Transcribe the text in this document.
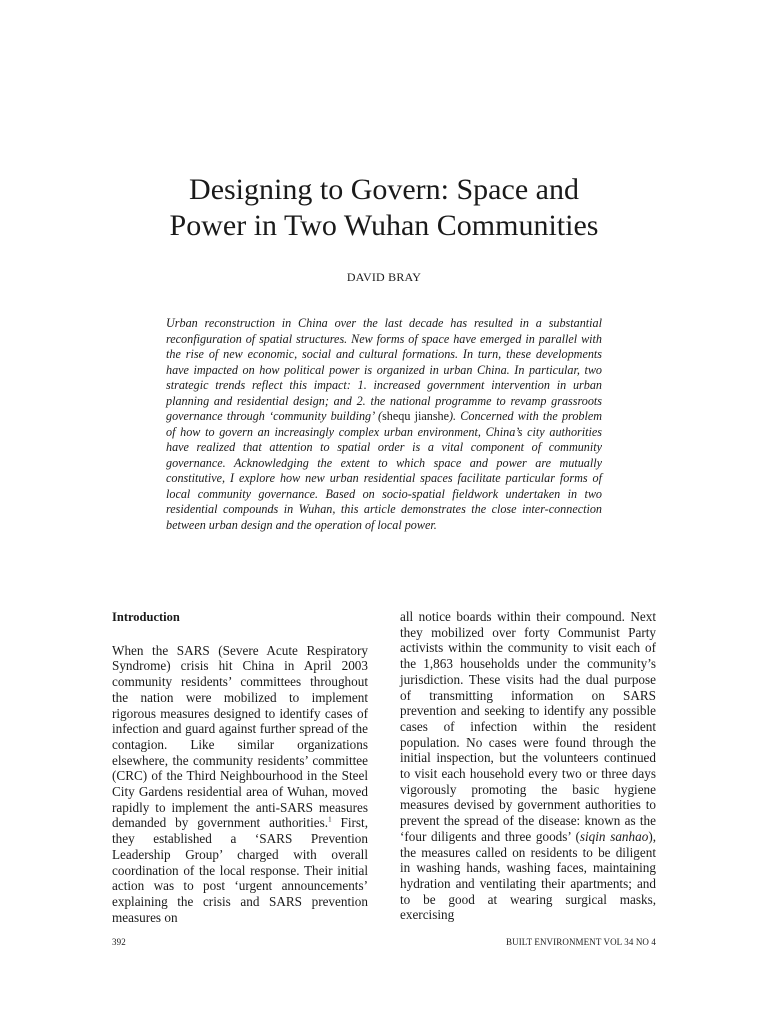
Designing to Govern: Space and
Power in Two Wuhan Communities
DAVID BRAY

Urban reconstruction in China over the last decade has resulted in a substantial reconfiguration of spatial structures. New forms of space have emerged in parallel with the rise of new economic, social and cultural formations. In turn, these developments have impacted on how political power is organized in urban China. In particular, two strategic trends reflect this impact: 1. increased government intervention in urban planning and residential design; and 2. the national programme to revamp grassroots governance through ‘community building’ (shequ jianshe). Concerned with the problem of how to govern an increasingly complex urban environment, China’s city authorities have realized that attention to spatial order is a vital component of community governance. Acknowledging the extent to which space and power are mutually constitutive, I explore how new urban residential spaces facilitate particular forms of local community governance. Based on socio-spatial fieldwork undertaken in two residential compounds in Wuhan, this article demonstrates the close inter-connection between urban design and the operation of local power.

Introduction

When the SARS (Severe Acute Respiratory Syndrome) crisis hit China in April 2003 community residents’ committees throughout the nation were mobilized to implement rigorous measures designed to identify cases of infection and guard against further spread of the contagion. Like similar organizations elsewhere, the community residents’ committee (CRC) of the Third Neighbourhood in the Steel City Gardens residential area of Wuhan, moved rapidly to implement the anti-SARS measures demanded by government authorities.$^1$ First, they established a ‘SARS Prevention Leadership Group’ charged with overall coordination of the local response. Their initial action was to post ‘urgent announcements’ explaining the crisis and SARS prevention measures on

all notice boards within their compound. Next they mobilized over forty Communist Party activists within the community to visit each of the 1,863 households under the community’s jurisdiction. These visits had the dual purpose of transmitting information on SARS prevention and seeking to identify any possible cases of infection within the resident population. No cases were found through the initial inspection, but the volunteers continued to visit each household every two or three days vigorously promoting the basic hygiene measures devised by government authorities to prevent the spread of the disease: known as the ‘four diligents and three goods’ (siqin sanhao), the measures called on residents to be diligent in washing hands, washing faces, maintaining hydration and ventilating their apartments; and to be good at wearing surgical masks, exercising

392	BUILT ENVIRONMENT VOL 34 NO 4
